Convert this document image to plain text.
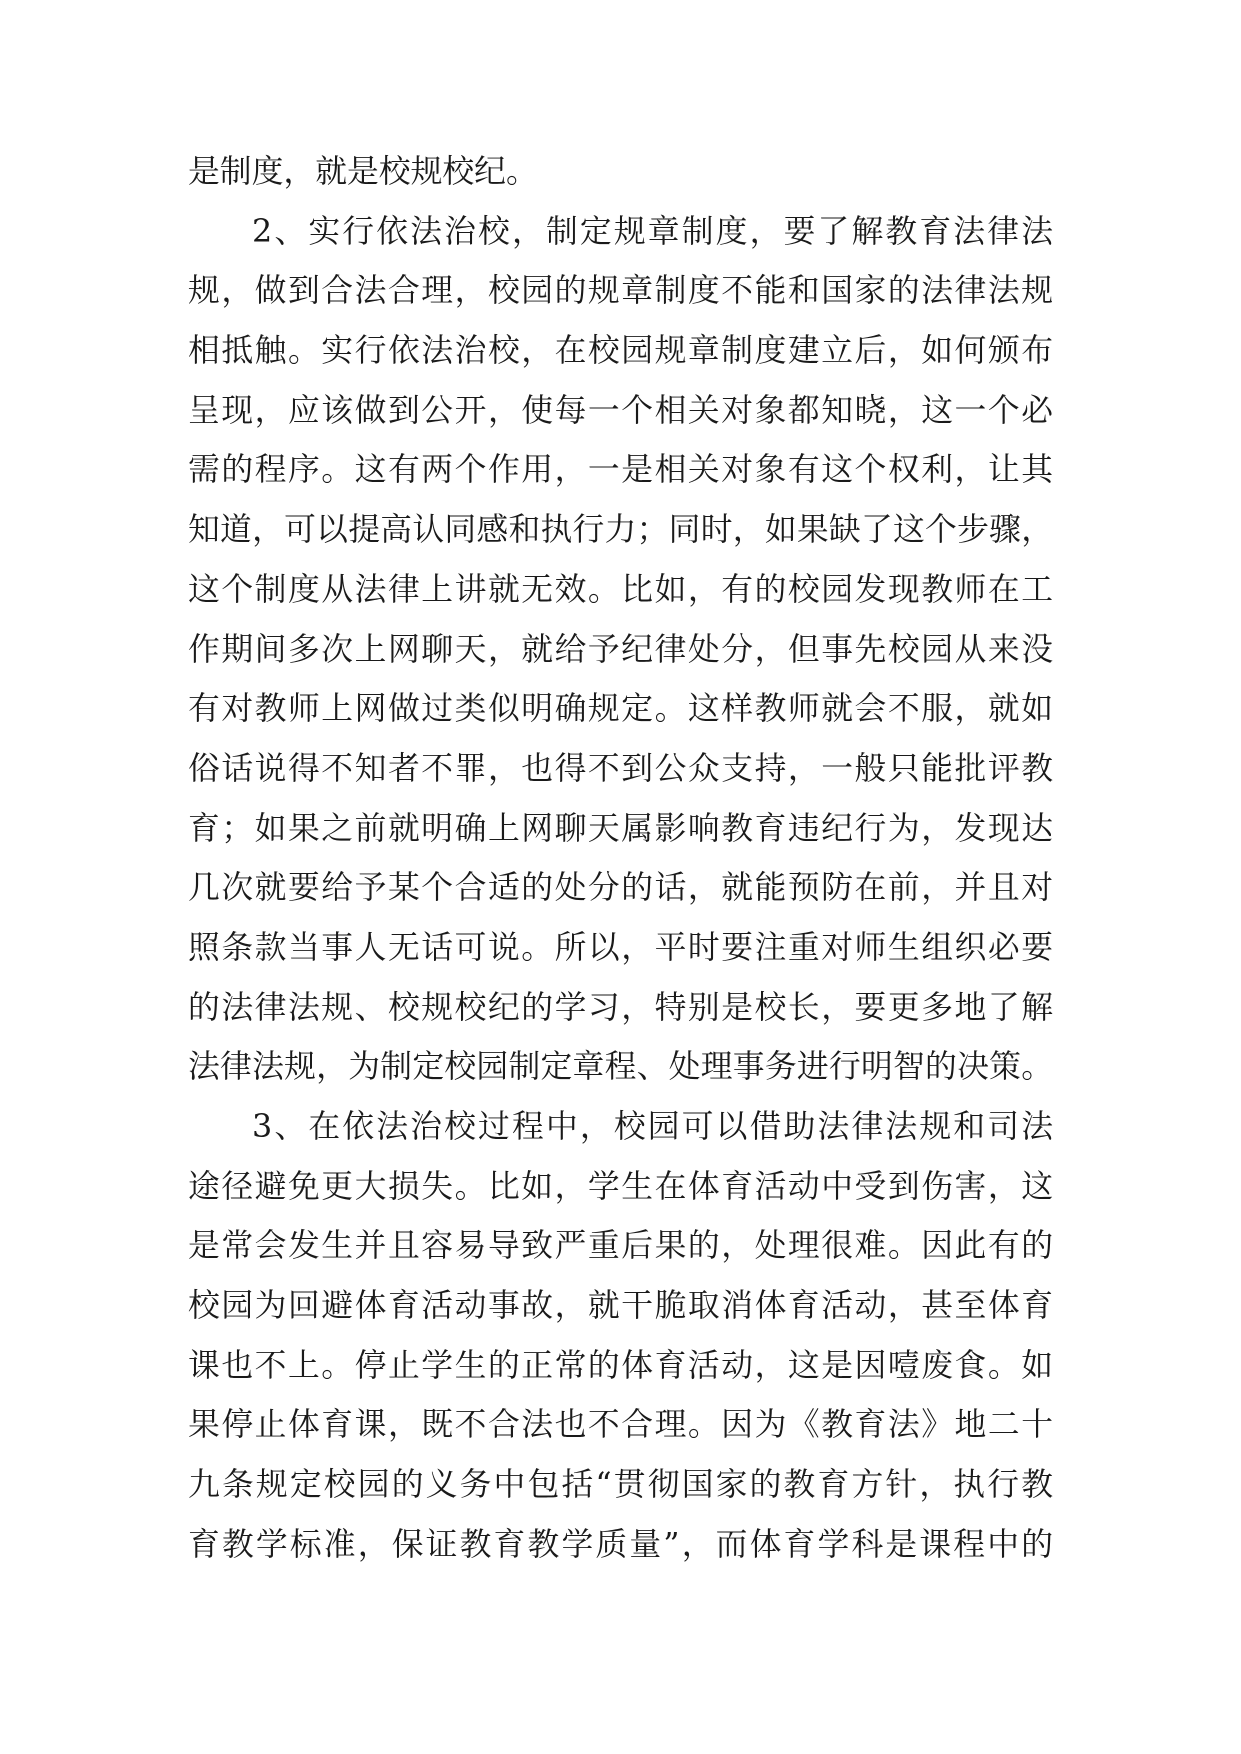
是制度，就是校规校纪。
2、实行依法治校，制定规章制度，要了解教育法律法
规，做到合法合理，校园的规章制度不能和国家的法律法规
相抵触。实行依法治校，在校园规章制度建立后，如何颁布
呈现，应该做到公开，使每一个相关对象都知晓，这一个必
需的程序。这有两个作用，一是相关对象有这个权利，让其
知道，可以提高认同感和执行力；同时，如果缺了这个步骤，
这个制度从法律上讲就无效。比如，有的校园发现教师在工
作期间多次上网聊天，就给予纪律处分，但事先校园从来没
有对教师上网做过类似明确规定。这样教师就会不服，就如
俗话说得不知者不罪，也得不到公众支持，一般只能批评教
育；如果之前就明确上网聊天属影响教育违纪行为，发现达
几次就要给予某个合适的处分的话，就能预防在前，并且对
照条款当事人无话可说。所以，平时要注重对师生组织必要
的法律法规、校规校纪的学习，特别是校长，要更多地了解
法律法规，为制定校园制定章程、处理事务进行明智的决策。
3、在依法治校过程中，校园可以借助法律法规和司法
途径避免更大损失。比如，学生在体育活动中受到伤害，这
是常会发生并且容易导致严重后果的，处理很难。因此有的
校园为回避体育活动事故，就干脆取消体育活动，甚至体育
课也不上。停止学生的正常的体育活动，这是因噎废食。如
果停止体育课，既不合法也不合理。因为《教育法》地二十
九条规定校园的义务中包括“贯彻国家的教育方针，执行教
育教学标准，保证教育教学质量”，而体育学科是课程中的
